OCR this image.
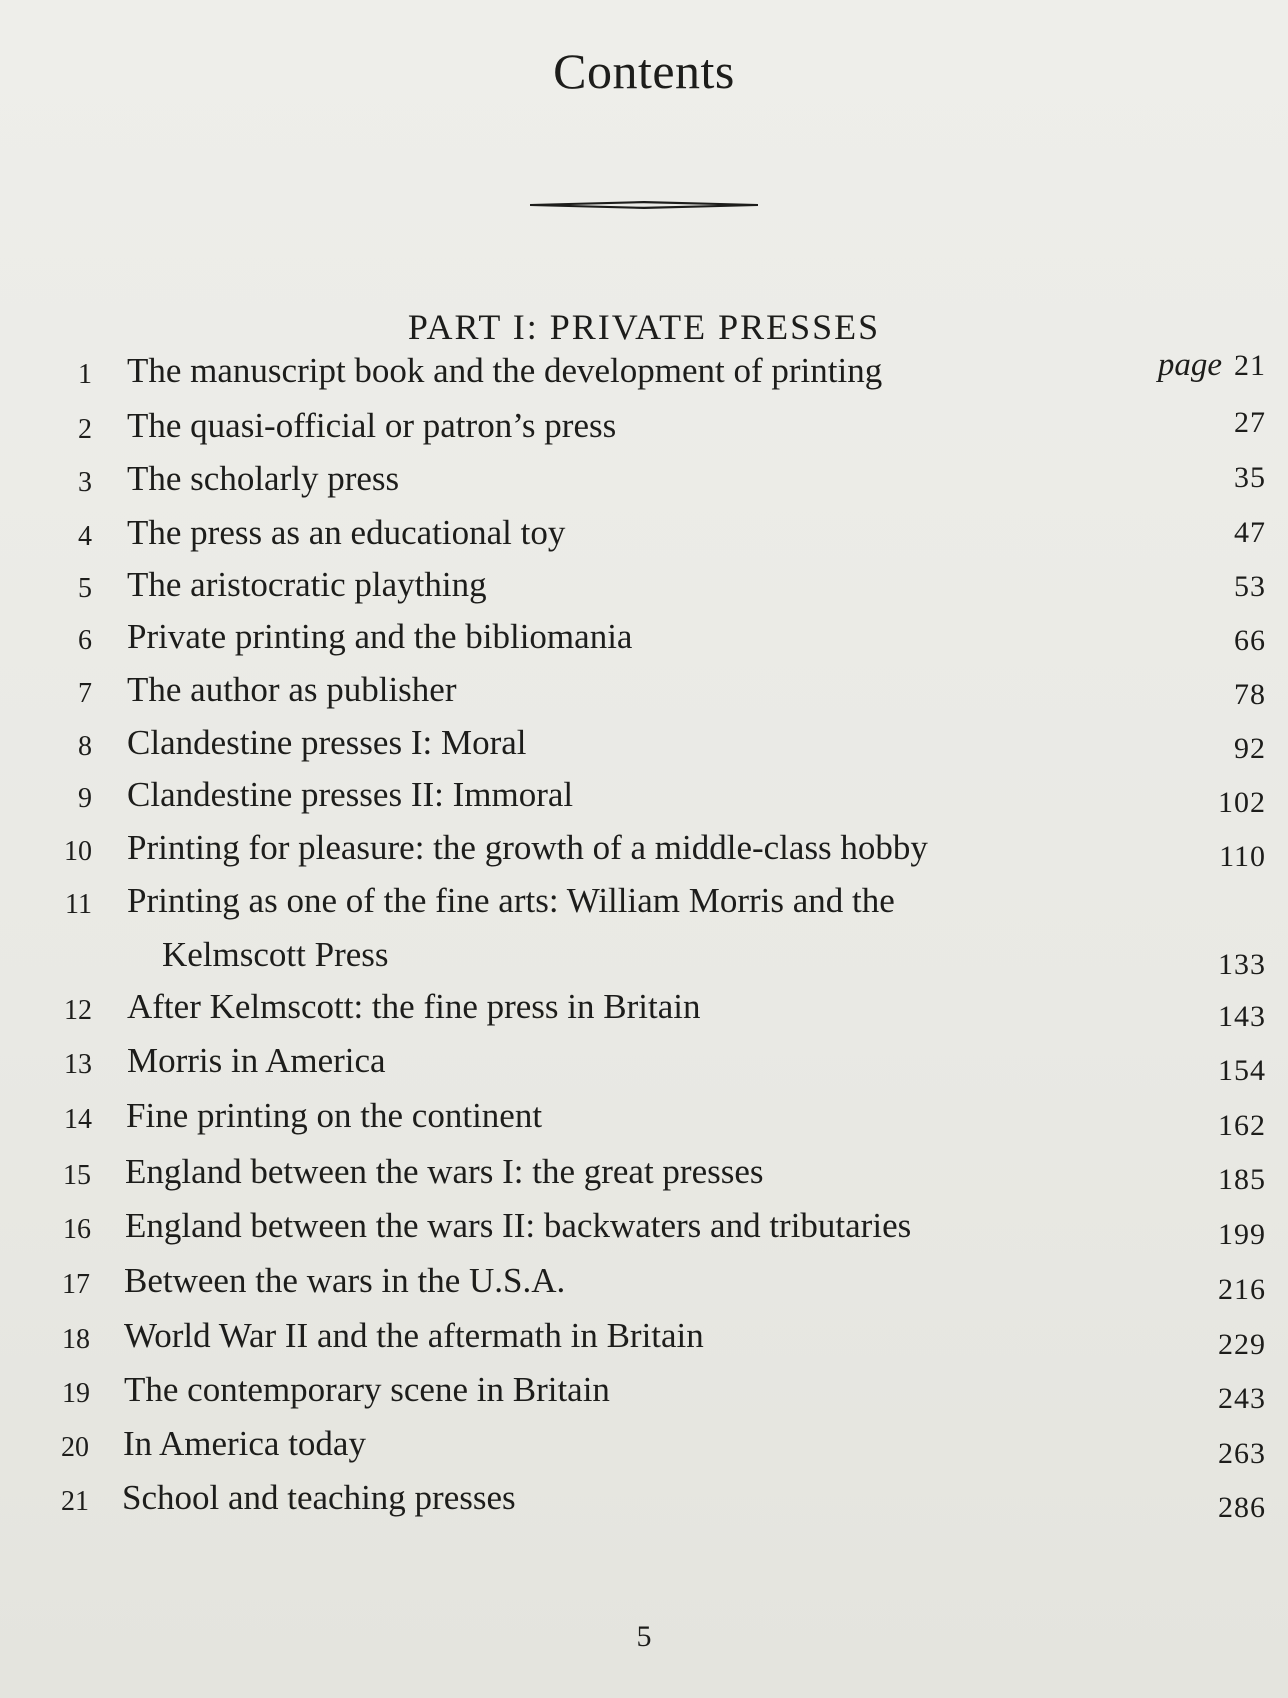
Contents
PART I: PRIVATE PRESSES
1 The manuscript book and the development of printing	page 21
2 The quasi-official or patron’s press	27
3 The scholarly press	35
4 The press as an educational toy	47
5 The aristocratic plaything	53
6 Private printing and the bibliomania	66
7 The author as publisher	78
8 Clandestine presses I: Moral	92
9 Clandestine presses II: Immoral	102
10 Printing for pleasure: the growth of a middle-class hobby	110
11 Printing as one of the fine arts: William Morris and the
Kelmscott Press	133
12 After Kelmscott: the fine press in Britain	143
13 Morris in America	154
14 Fine printing on the continent	162
15 England between the wars I: the great presses	185
16 England between the wars II: backwaters and tributaries	199
17 Between the wars in the U.S.A.	216
18 World War II and the aftermath in Britain	229
19 The contemporary scene in Britain	243
20 In America today	263
21 School and teaching presses	286
5
